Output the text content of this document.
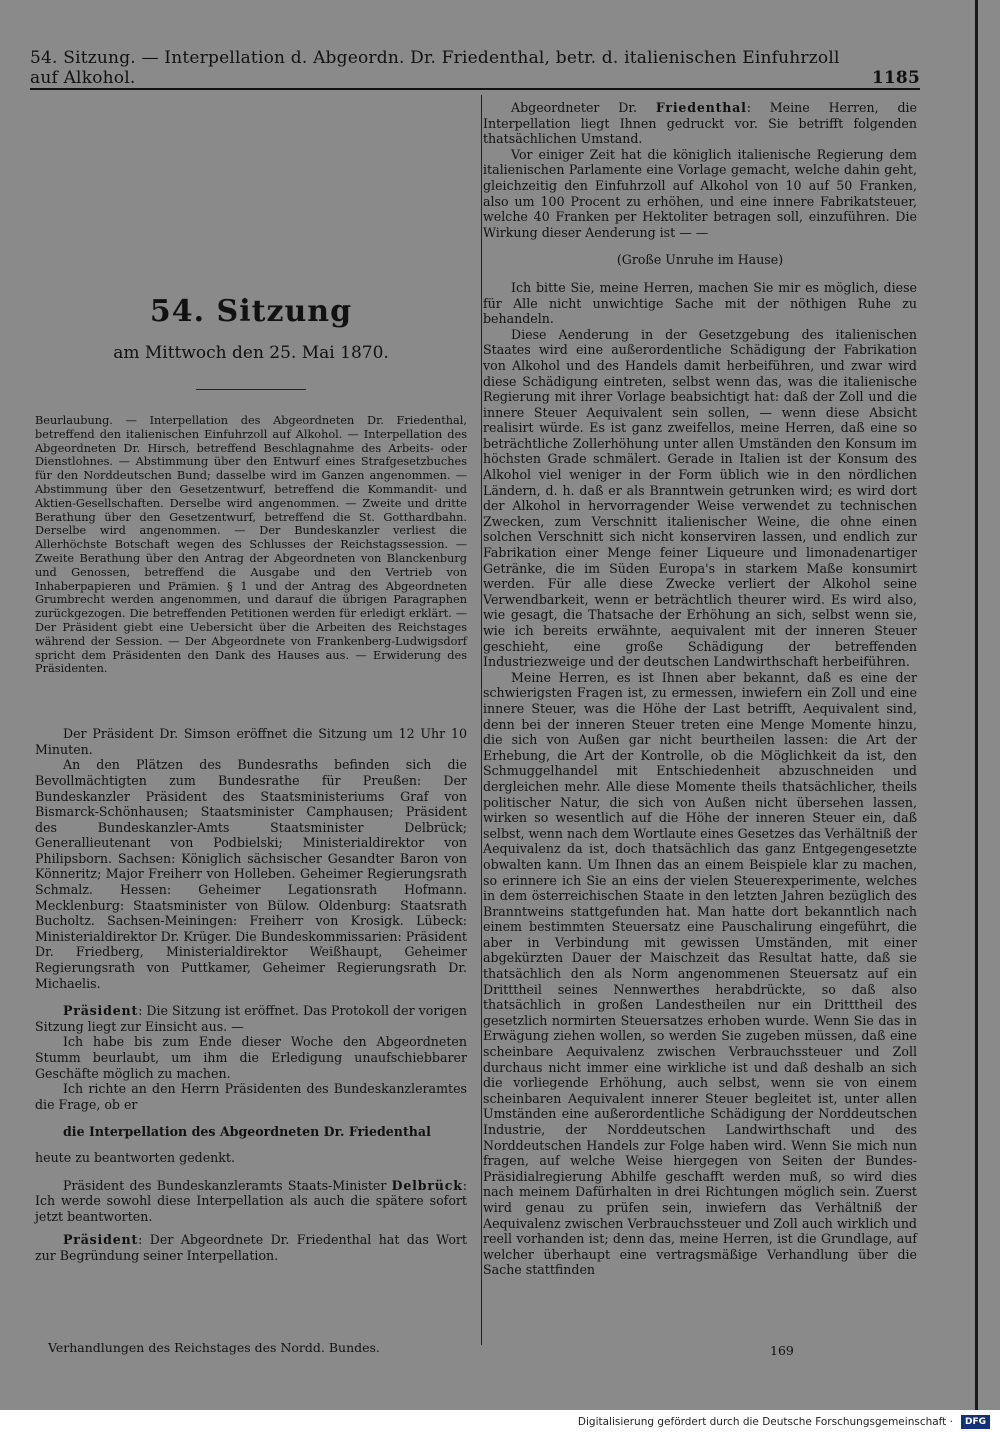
54. Sitzung. — Interpellation d. Abgeordn. Dr. Friedenthal, betr. d. italienischen Einfuhrzoll auf Alkohol.	1185
54. Sitzung
am Mittwoch den 25. Mai 1870.

Beurlaubung. — Interpellation des Abgeordneten Dr. Friedenthal, betreffend den italienischen Einfuhrzoll auf Alkohol. — Interpellation des Abgeordneten Dr. Hirsch, betreffend Beschlagnahme des Arbeits- oder Dienstlohnes. — Abstimmung über den Entwurf eines Strafgesetzbuches für den Norddeutschen Bund; dasselbe wird im Ganzen angenommen. — Abstimmung über den Gesetzentwurf, betreffend die Kommandit- und Aktien-Gesellschaften. Derselbe wird angenommen. — Zweite und dritte Berathung über den Gesetzentwurf, betreffend die St. Gotthardbahn. Derselbe wird angenommen. — Der Bundeskanzler verliest die Allerhöchste Botschaft wegen des Schlusses der Reichstagssession. — Zweite Berathung über den Antrag der Abgeordneten von Blanckenburg und Genossen, betreffend die Ausgabe und den Vertrieb von Inhaberpapieren und Prämien. § 1 und der Antrag des Abgeordneten Grumbrecht werden angenommen, und darauf die übrigen Paragraphen zurückgezogen. Die betreffenden Petitionen werden für erledigt erklärt. — Der Präsident giebt eine Uebersicht über die Arbeiten des Reichstages während der Session. — Der Abgeordnete von Frankenberg-Ludwigsdorf spricht dem Präsidenten den Dank des Hauses aus. — Erwiderung des Präsidenten.

Der Präsident Dr. Simson eröffnet die Sitzung um 12 Uhr 10 Minuten.

An den Plätzen des Bundesraths befinden sich die Bevollmächtigten zum Bundesrathe für Preußen: Der Bundeskanzler Präsident des Staatsministeriums Graf von Bismarck-Schönhausen; Staatsminister Camphausen; Präsident des Bundeskanzler-Amts Staatsminister Delbrück; Generallieutenant von Podbielski; Ministerialdirektor von Philipsborn. Sachsen: Königlich sächsischer Gesandter Baron von Könneritz; Major Freiherr von Holleben. Geheimer Regierungsrath Schmalz. Hessen: Geheimer Legationsrath Hofmann. Mecklenburg: Staatsminister von Bülow. Oldenburg: Staatsrath Bucholtz. Sachsen-Meiningen: Freiherr von Krosigk. Lübeck: Ministerialdirektor Dr. Krüger. Die Bundeskommissarien: Präsident Dr. Friedberg, Ministerialdirektor Weißhaupt, Geheimer Regierungsrath von Puttkamer, Geheimer Regierungsrath Dr. Michaelis.

Präsident: Die Sitzung ist eröffnet. Das Protokoll der vorigen Sitzung liegt zur Einsicht aus. —

Ich habe bis zum Ende dieser Woche den Abgeordneten Stumm beurlaubt, um ihm die Erledigung unaufschiebbarer Geschäfte möglich zu machen.

Ich richte an den Herrn Präsidenten des Bundeskanzleramtes die Frage, ob er

die Interpellation des Abgeordneten Dr. Friedenthal

heute zu beantworten gedenkt.

Präsident des Bundeskanzleramts Staats-Minister Delbrück: Ich werde sowohl diese Interpellation als auch die spätere sofort jetzt beantworten.

Präsident: Der Abgeordnete Dr. Friedenthal hat das Wort zur Begründung seiner Interpellation.

Abgeordneter Dr. Friedenthal: Meine Herren, die Interpellation liegt Ihnen gedruckt vor. Sie betrifft folgenden thatsächlichen Umstand.

Vor einiger Zeit hat die königlich italienische Regierung dem italienischen Parlamente eine Vorlage gemacht, welche dahin geht, gleichzeitig den Einfuhrzoll auf Alkohol von 10 auf 50 Franken, also um 100 Procent zu erhöhen, und eine innere Fabrikatsteuer, welche 40 Franken per Hektoliter betragen soll, einzuführen. Die Wirkung dieser Aenderung ist — —

(Große Unruhe im Hause)

Ich bitte Sie, meine Herren, machen Sie mir es möglich, diese für Alle nicht unwichtige Sache mit der nöthigen Ruhe zu behandeln.

Diese Aenderung in der Gesetzgebung des italienischen Staates wird eine außerordentliche Schädigung der Fabrikation von Alkohol und des Handels damit herbeiführen, und zwar wird diese Schädigung eintreten, selbst wenn das, was die italienische Regierung mit ihrer Vorlage beabsichtigt hat: daß der Zoll und die innere Steuer Aequivalent sein sollen, — wenn diese Absicht realisirt würde. Es ist ganz zweifellos, meine Herren, daß eine so beträchtliche Zollerhöhung unter allen Umständen den Konsum im höchsten Grade schmälert. Gerade in Italien ist der Konsum des Alkohol viel weniger in der Form üblich wie in den nördlichen Ländern, d. h. daß er als Branntwein getrunken wird; es wird dort der Alkohol in hervorragender Weise verwendet zu technischen Zwecken, zum Verschnitt italienischer Weine, die ohne einen solchen Verschnitt sich nicht konserviren lassen, und endlich zur Fabrikation einer Menge feiner Liqueure und limonadenartiger Getränke, die im Süden Europa's in starkem Maße konsumirt werden. Für alle diese Zwecke verliert der Alkohol seine Verwendbarkeit, wenn er beträchtlich theurer wird. Es wird also, wie gesagt, die Thatsache der Erhöhung an sich, selbst wenn sie, wie ich bereits erwähnte, aequivalent mit der inneren Steuer geschieht, eine große Schädigung der betreffenden Industriezweige und der deutschen Landwirthschaft herbeiführen.

Meine Herren, es ist Ihnen aber bekannt, daß es eine der schwierigsten Fragen ist, zu ermessen, inwiefern ein Zoll und eine innere Steuer, was die Höhe der Last betrifft, Aequivalent sind, denn bei der inneren Steuer treten eine Menge Momente hinzu, die sich von Außen gar nicht beurtheilen lassen: die Art der Erhebung, die Art der Kontrolle, ob die Möglichkeit da ist, den Schmuggelhandel mit Entschiedenheit abzuschneiden und dergleichen mehr. Alle diese Momente theils thatsächlicher, theils politischer Natur, die sich von Außen nicht übersehen lassen, wirken so wesentlich auf die Höhe der inneren Steuer ein, daß selbst, wenn nach dem Wortlaute eines Gesetzes das Verhältniß der Aequivalenz da ist, doch thatsächlich das ganz Entgegengesetzte obwalten kann. Um Ihnen das an einem Beispiele klar zu machen, so erinnere ich Sie an eins der vielen Steuerexperimente, welches in dem österreichischen Staate in den letzten Jahren bezüglich des Branntweins stattgefunden hat. Man hatte dort bekanntlich nach einem bestimmten Steuersatz eine Pauschalirung eingeführt, die aber in Verbindung mit gewissen Umständen, mit einer abgekürzten Dauer der Maischzeit das Resultat hatte, daß sie thatsächlich den als Norm angenommenen Steuersatz auf ein Dritttheil seines Nennwerthes herabdrückte, so daß also thatsächlich in großen Landestheilen nur ein Dritttheil des gesetzlich normirten Steuersatzes erhoben wurde. Wenn Sie das in Erwägung ziehen wollen, so werden Sie zugeben müssen, daß eine scheinbare Aequivalenz zwischen Verbrauchssteuer und Zoll durchaus nicht immer eine wirkliche ist und daß deshalb an sich die vorliegende Erhöhung, auch selbst, wenn sie von einem scheinbaren Aequivalent innerer Steuer begleitet ist, unter allen Umständen eine außerordentliche Schädigung der Norddeutschen Industrie, der Norddeutschen Landwirthschaft und des Norddeutschen Handels zur Folge haben wird. Wenn Sie mich nun fragen, auf welche Weise hiergegen von Seiten der Bundes-Präsidialregierung Abhilfe geschafft werden muß, so wird dies nach meinem Dafürhalten in drei Richtungen möglich sein. Zuerst wird genau zu prüfen sein, inwiefern das Verhältniß der Aequivalenz zwischen Verbrauchssteuer und Zoll auch wirklich und reell vorhanden ist; denn das, meine Herren, ist die Grundlage, auf welcher überhaupt eine vertragsmäßige Verhandlung über die Sache stattfinden

Verhandlungen des Reichstages des Nordd. Bundes.	169
Digitalisierung gefördert durch die Deutsche Forschungsgemeinschaft ·	DFG
